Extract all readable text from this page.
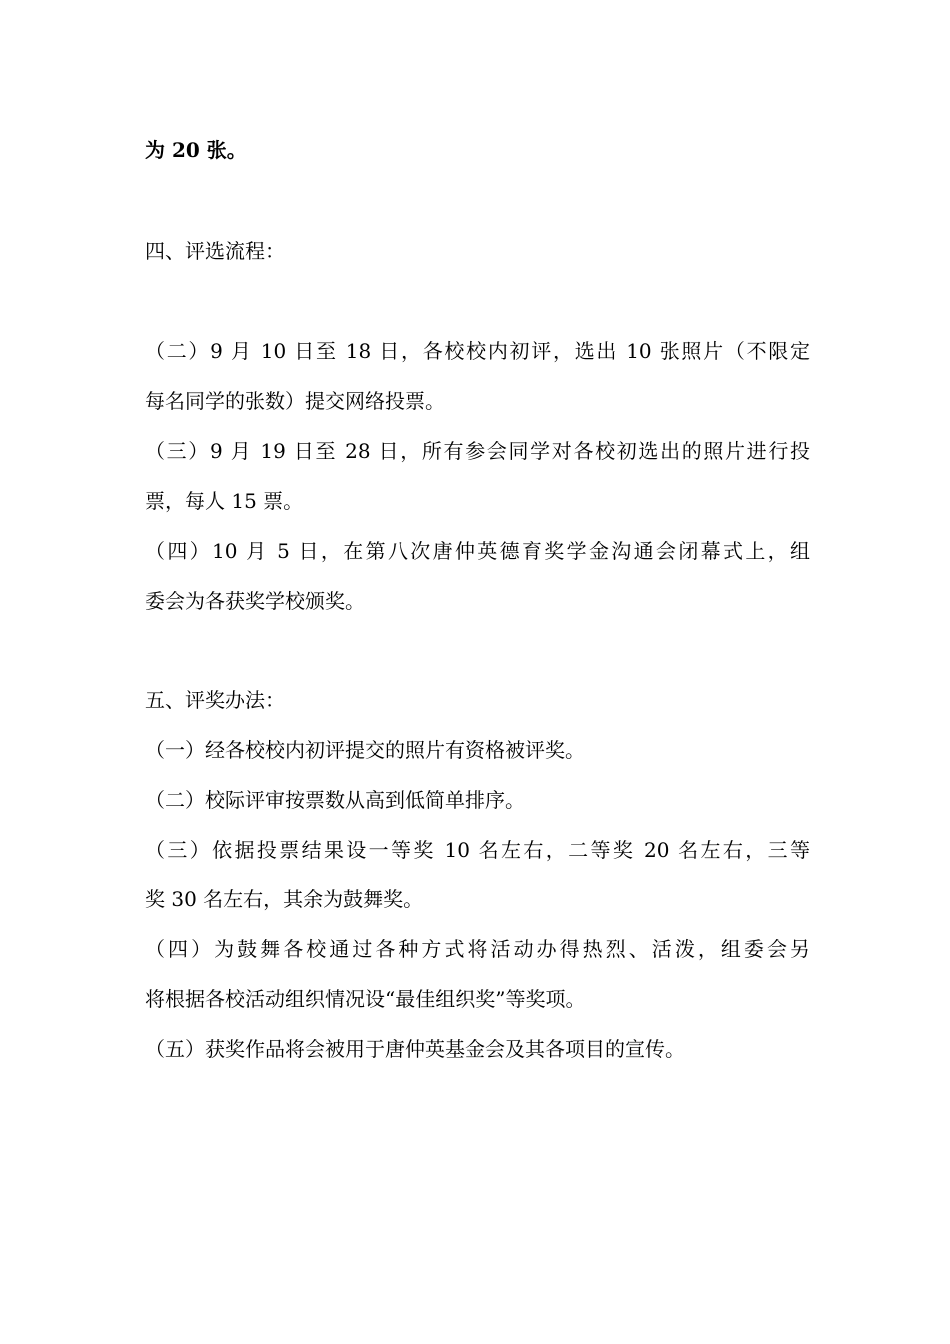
为 20 张。
四、评选流程：
（二）9 月 10 日至 18 日，各校校内初评，选出 10 张照片（不限定
每名同学的张数）提交网络投票。
（三）9 月 19 日至 28 日，所有参会同学对各校初选出的照片进行投
票，每人 15 票。
（四）10 月 5 日，在第八次唐仲英德育奖学金沟通会闭幕式上，组
委会为各获奖学校颁奖。
五、评奖办法：
（一）经各校校内初评提交的照片有资格被评奖。
（二）校际评审按票数从高到低简单排序。
（三）依据投票结果设一等奖 10 名左右，二等奖 20 名左右，三等
奖 30 名左右，其余为鼓舞奖。
（四）为鼓舞各校通过各种方式将活动办得热烈、活泼，组委会另
将根据各校活动组织情况设“最佳组织奖”等奖项。
（五）获奖作品将会被用于唐仲英基金会及其各项目的宣传。
